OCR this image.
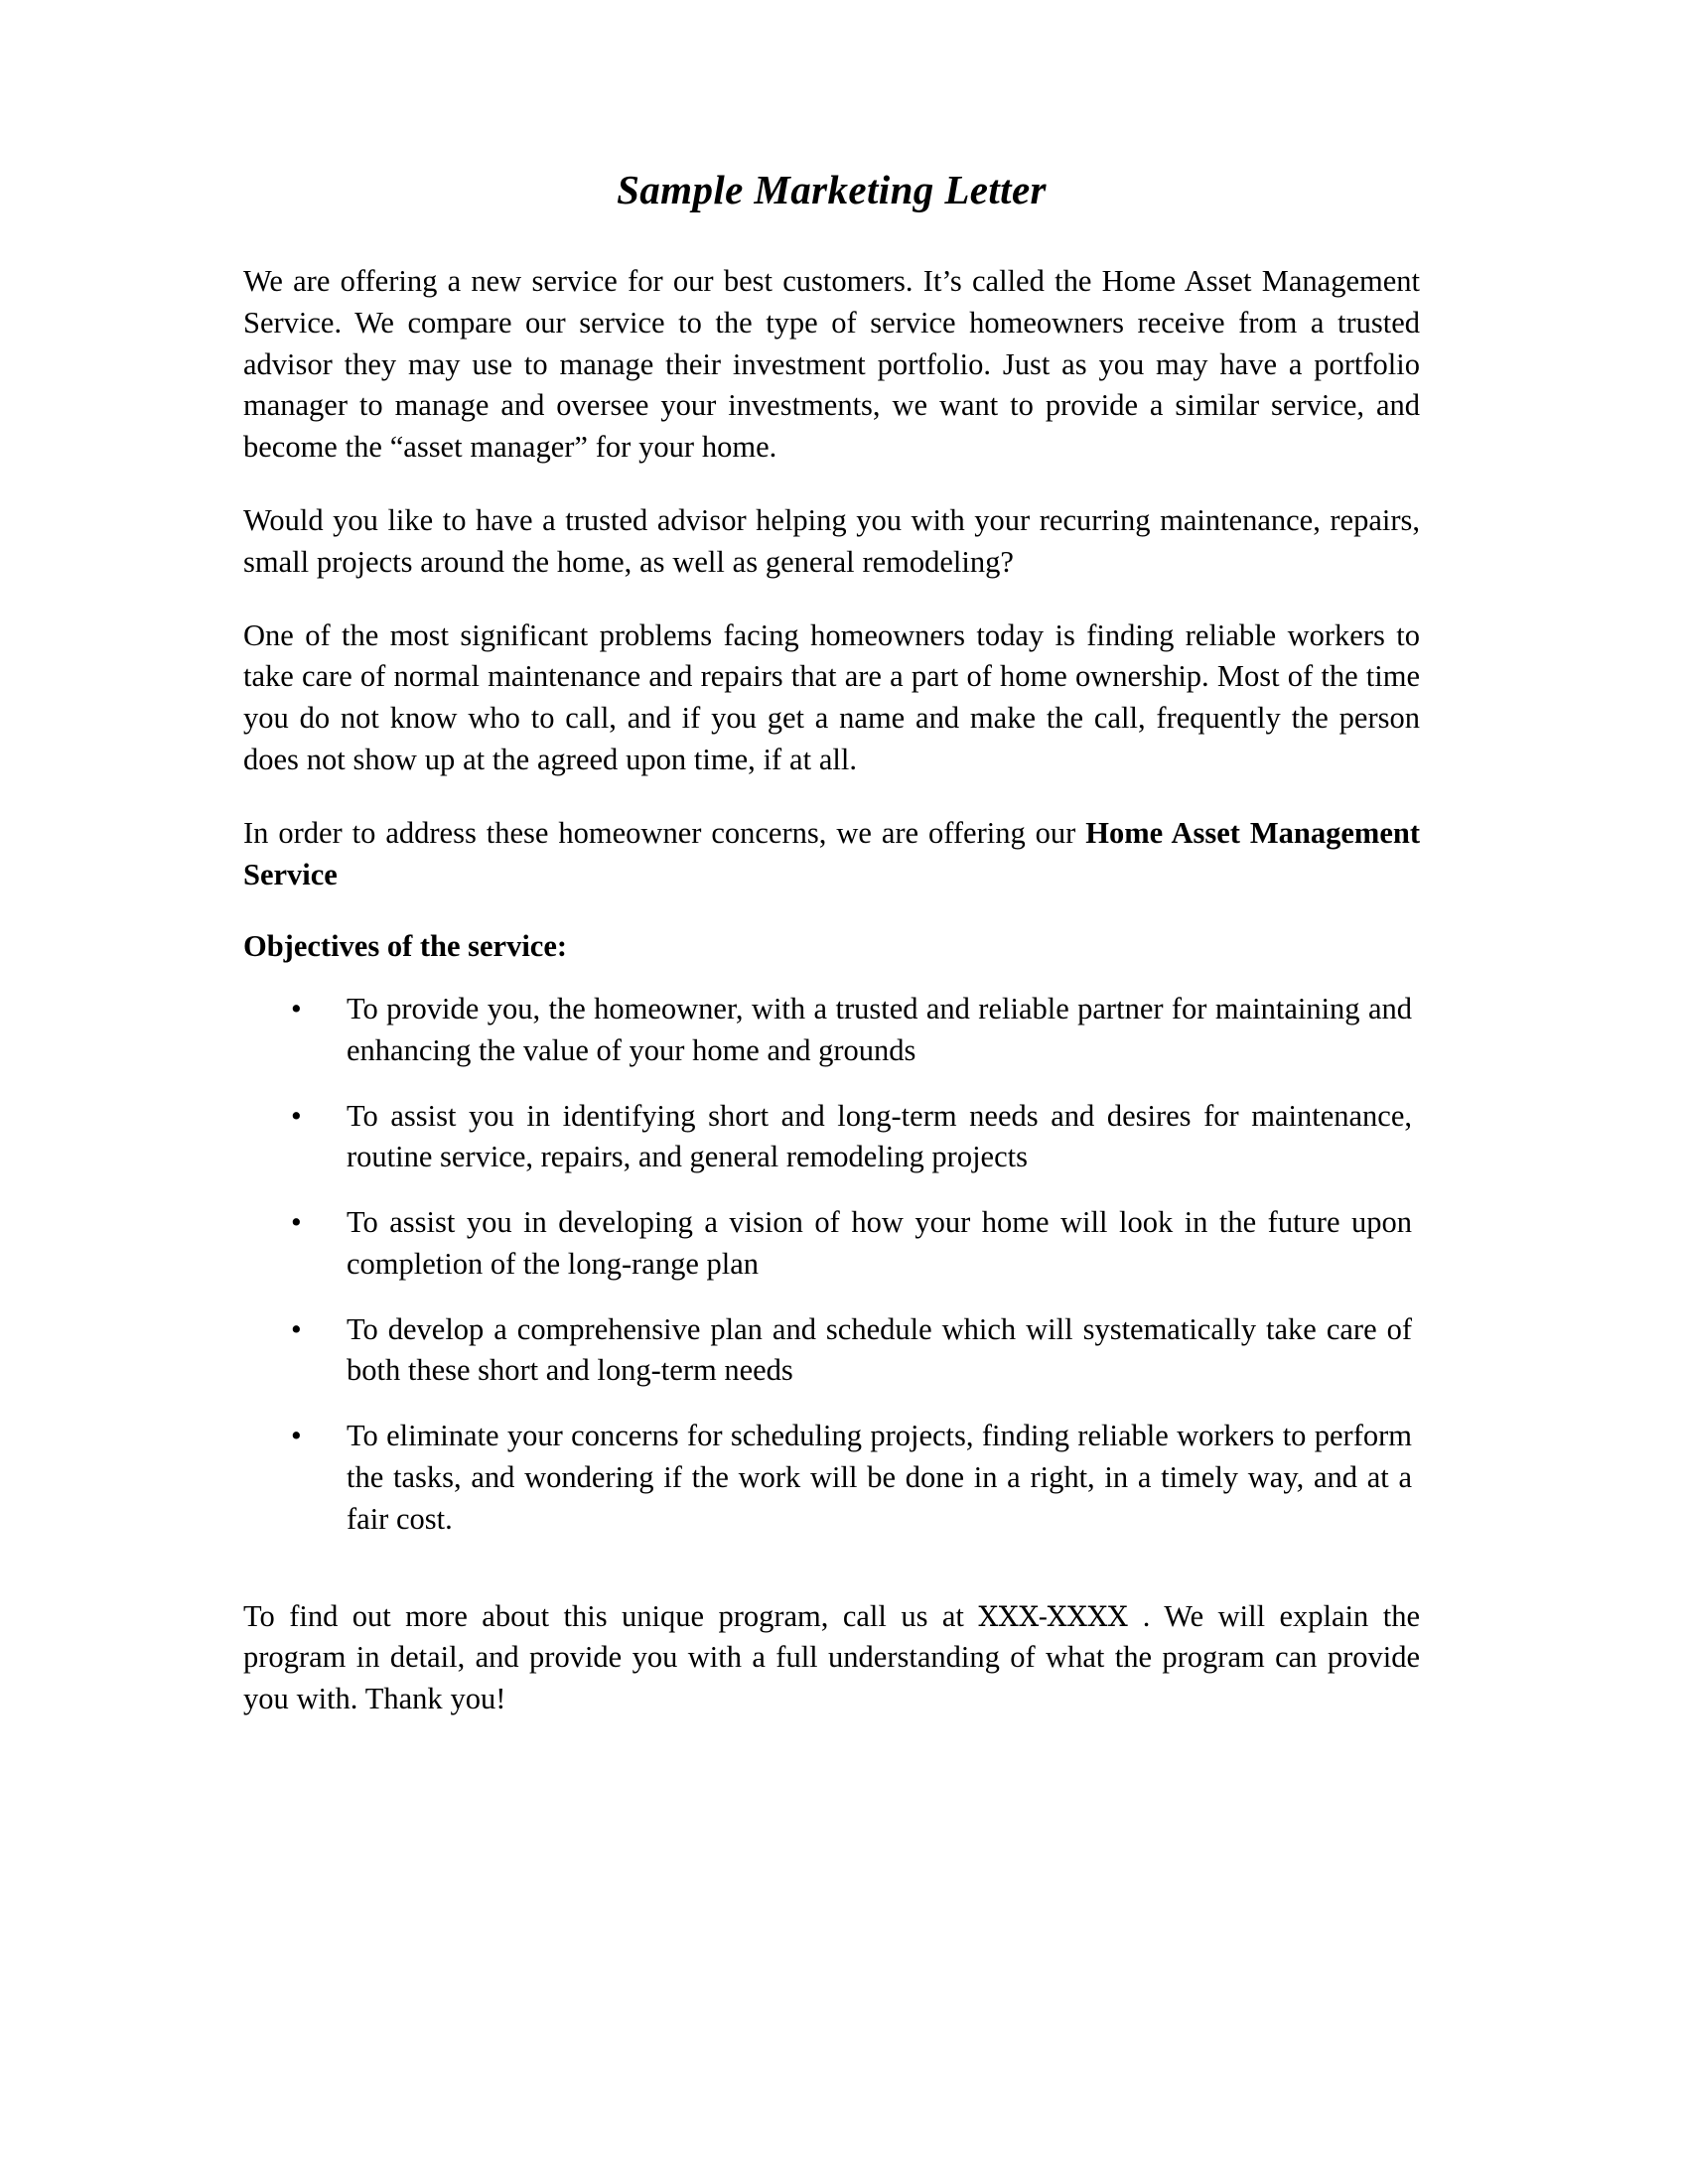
Sample Marketing Letter

We are offering a new service for our best customers. It’s called the Home Asset Management Service. We compare our service to the type of service homeowners receive from a trusted advisor they may use to manage their investment portfolio. Just as you may have a portfolio manager to manage and oversee your investments, we want to provide a similar service, and become the “asset manager” for your home.

Would you like to have a trusted advisor helping you with your recurring maintenance, repairs, small projects around the home, as well as general remodeling?

One of the most significant problems facing homeowners today is finding reliable workers to take care of normal maintenance and repairs that are a part of home ownership. Most of the time you do not know who to call, and if you get a name and make the call, frequently the person does not show up at the agreed upon time, if at all.

In order to address these homeowner concerns, we are offering our Home Asset Management Service

Objectives of the service:

• To provide you, the homeowner, with a trusted and reliable partner for maintaining and enhancing the value of your home and grounds
• To assist you in identifying short and long-term needs and desires for maintenance, routine service, repairs, and general remodeling projects
• To assist you in developing a vision of how your home will look in the future upon completion of the long-range plan
• To develop a comprehensive plan and schedule which will systematically take care of both these short and long-term needs
• To eliminate your concerns for scheduling projects, finding reliable workers to perform the tasks, and wondering if the work will be done in a right, in a timely way, and at a fair cost.

To find out more about this unique program, call us at XXX-XXXX . We will explain the program in detail, and provide you with a full understanding of what the program can provide you with. Thank you!
